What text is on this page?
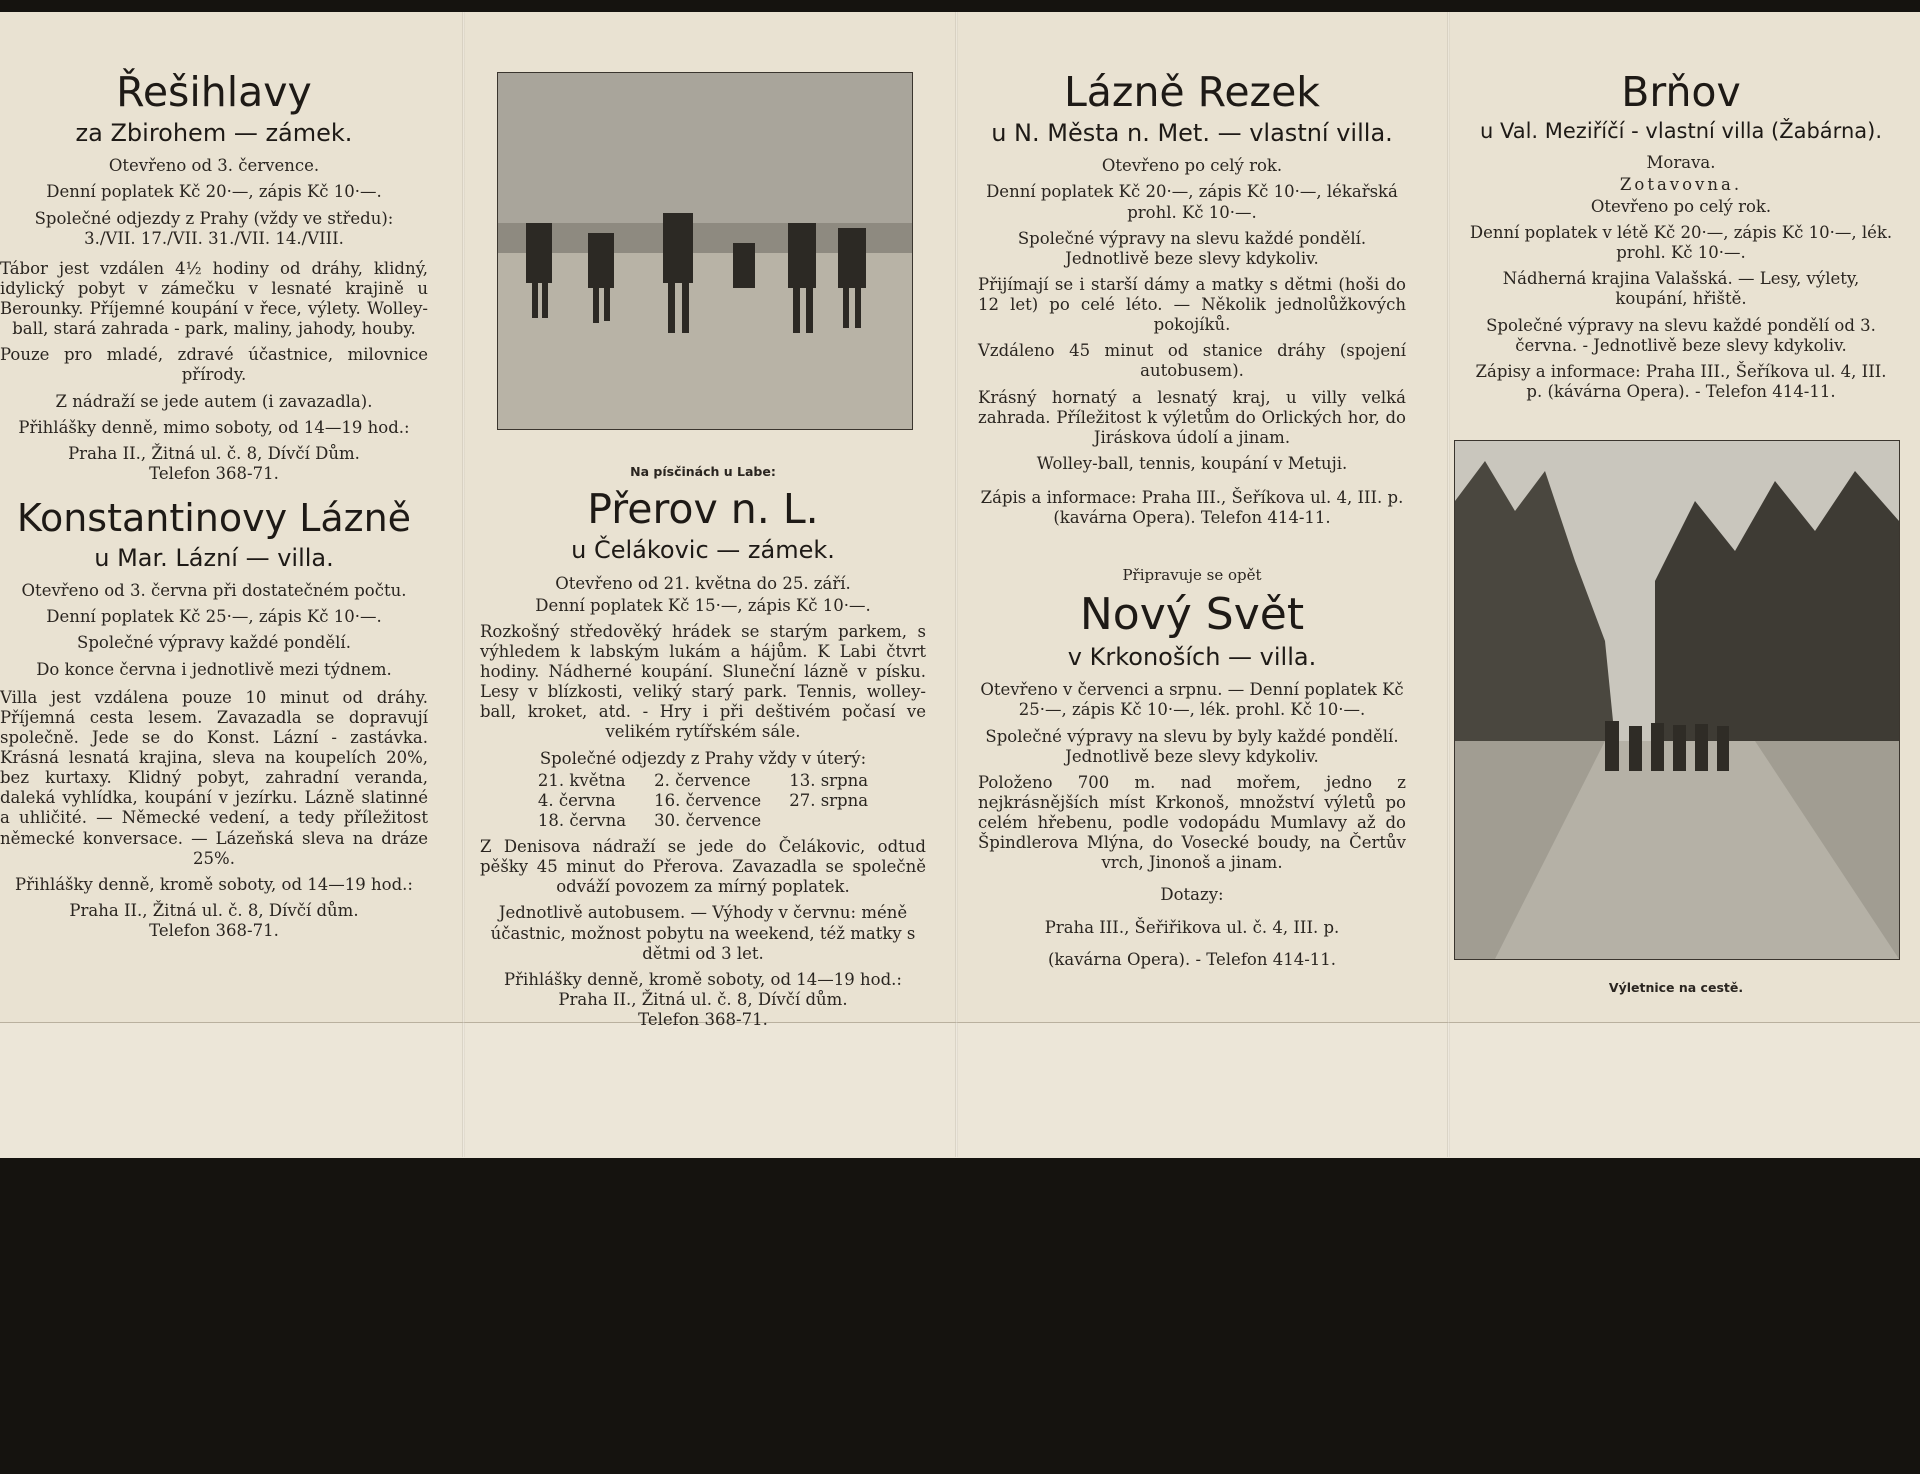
Řešihlavy
za Zbirohem — zámek.

Otevřeno od 3. července.

Denní poplatek Kč 20·—, zápis Kč 10·—.

Společné odjezdy z Prahy (vždy ve středu):

3./VII. 17./VII. 31./VII. 14./VIII.

Tábor jest vzdálen 4½ hodiny od dráhy, klidný, idylický pobyt v zámečku v lesnaté krajině u Berounky. Příjemné koupání v řece, výlety. Wolley-ball, stará zahrada - park, maliny, jahody, houby.

Pouze pro mladé, zdravé účastnice, milovnice přírody.

Z nádraží se jede autem (i zavazadla).

Přihlášky denně, mimo soboty, od 14—19 hod.:

Praha II., Žitná ul. č. 8, Dívčí Dům.

Telefon 368-71.

Konstantinovy Lázně
u Mar. Lázní — villa.

Otevřeno od 3. června při dostatečném počtu.

Denní poplatek Kč 25·—, zápis Kč 10·—.

Společné výpravy každé pondělí.

Do konce června i jednotlivě mezi týdnem.

Villa jest vzdálena pouze 10 minut od dráhy. Příjemná cesta lesem. Zavazadla se dopravují společně. Jede se do Konst. Lázní - zastávka. Krásná lesnatá krajina, sleva na koupelích 20%, bez kurtaxy. Klidný pobyt, zahradní veranda, daleká vyhlídka, koupání v jezírku. Lázně slatinné a uhličité. — Německé vedení, a tedy příležitost německé konversace. — Lázeňská sleva na dráze 25%.

Přihlášky denně, kromě soboty, od 14—19 hod.:

Praha II., Žitná ul. č. 8, Dívčí dům.

Telefon 368-71.

Na písčinách u Labe:
Přerov n. L.
u Čelákovic — zámek.

Otevřeno od 21. května do 25. září.

Denní poplatek Kč 15·—, zápis Kč 10·—.

Rozkošný středověký hrádek se starým parkem, s výhledem k labským lukám a hájům. K Labi čtvrt hodiny. Nádherné koupání. Sluneční lázně v písku. Lesy v blízkosti, veliký starý park. Tennis, wolley-ball, kroket, atd. - Hry i při deštivém počasí ve velikém rytířském sále.

Společné odjezdy z Prahy vždy v úterý:

21. května	2. července	13. srpna
4. června	16. července	27. srpna
18. června	30. července	

Z Denisova nádraží se jede do Čelákovic, odtud pěšky 45 minut do Přerova. Zavazadla se společně odváží povozem za mírný poplatek.

Jednotlivě autobusem. — Výhody v červnu: méně účastnic, možnost pobytu na weekend, též matky s dětmi od 3 let.

Přihlášky denně, kromě soboty, od 14—19 hod.:

Praha II., Žitná ul. č. 8, Dívčí dům.

Telefon 368-71.

Lázně Rezek
u N. Města n. Met. — vlastní villa.

Otevřeno po celý rok.

Denní poplatek Kč 20·—, zápis Kč 10·—, lékařská prohl. Kč 10·—.

Společné výpravy na slevu každé pondělí. Jednotlivě beze slevy kdykoliv.

Přijímají se i starší dámy a matky s dětmi (hoši do 12 let) po celé léto. — Několik jednolůžkových pokojíků.

Vzdáleno 45 minut od stanice dráhy (spojení autobusem).

Krásný hornatý a lesnatý kraj, u villy velká zahrada. Příležitost k výletům do Orlických hor, do Jiráskova údolí a jinam.

Wolley-ball, tennis, koupání v Metuji.

Zápis a informace: Praha III., Šeříkova ul. 4, III. p. (kavárna Opera). Telefon 414-11.

Připravuje se opět
Nový Svět
v Krkonoších — villa.

Otevřeno v červenci a srpnu. — Denní poplatek Kč 25·—, zápis Kč 10·—, lék. prohl. Kč 10·—.

Společné výpravy na slevu by byly každé pondělí. Jednotlivě beze slevy kdykoliv.

Položeno 700 m. nad mořem, jedno z nejkrásnějších míst Krkonoš, množství výletů po celém hřebenu, podle vodopádu Mumlavy až do Špindlerova Mlýna, do Vosecké boudy, na Čertův vrch, Jinonoš a jinam.

Dotazy:

Praha III., Šeřiřikova ul. č. 4, III. p.

(kavárna Opera). - Telefon 414-11.

Brňov
u Val. Meziříčí - vlastní villa (Žabárna).

Morava.

Zotavovna.

Otevřeno po celý rok.

Denní poplatek v létě Kč 20·—, zápis Kč 10·—, lék. prohl. Kč 10·—.

Nádherná krajina Valašská. — Lesy, výlety, koupání, hřiště.

Společné výpravy na slevu každé pondělí od 3. června. - Jednotlivě beze slevy kdykoliv.

Zápisy a informace: Praha III., Šeříkova ul. 4, III. p. (kávárna Opera). - Telefon 414-11.

Výletnice na cestě.
